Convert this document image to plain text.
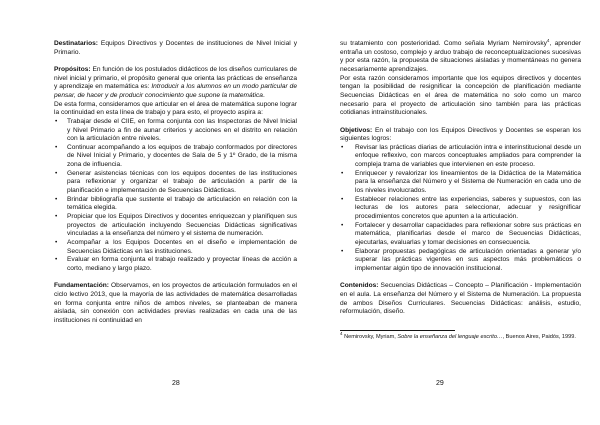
Destinatarios: Equipos Directivos y Docentes de instituciones de Nivel Inicial y Primario.

Propósitos: En función de los postulados didácticos de los diseños curriculares de nivel inicial y primario, el propósito general que orienta las prácticas de enseñanza y aprendizaje en matemática es: Introducir a los alumnos en un modo particular de pensar, de hacer y de producir conocimiento que supone la matemática.

De esta forma, consideramos que articular en el área de matemática supone lograr la continuidad en esta línea de trabajo y para esto, el proyecto aspira a:

• Trabajar desde el CIIE, en forma conjunta con las Inspectoras de Nivel Inicial y Nivel Primario a fin de aunar criterios y acciones en el distrito en relación con la articulación entre niveles.
• Continuar acompañando a los equipos de trabajo conformados por directores de Nivel Inicial y Primario, y docentes de Sala de 5 y 1º Grado, de la misma zona de influencia.
• Generar asistencias técnicas con los equipos docentes de las instituciones para reflexionar y organizar el trabajo de articulación a partir de la planificación e implementación de Secuencias Didácticas.
• Brindar bibliografía que sustente el trabajo de articulación en relación con la temática elegida.
• Propiciar que los Equipos Directivos y docentes enriquezcan y planifiquen sus proyectos de articulación incluyendo Secuencias Didácticas significativas vinculadas a la enseñanza del número y el sistema de numeración.
• Acompañar a los Equipos Docentes en el diseño e implementación de Secuencias Didácticas en las instituciones.
• Evaluar en forma conjunta el trabajo realizado y proyectar líneas de acción a corto, mediano y largo plazo.

Fundamentación: Observamos, en los proyectos de articulación formulados en el ciclo lectivo 2013, que la mayoría de las actividades de matemática desarrolladas en forma conjunta entre niños de ambos niveles, se planteaban de manera aislada, sin conexión con actividades previas realizadas en cada una de las instituciones ni continuidad en

28

su tratamiento con posterioridad. Como señala Myriam Nemirovsky$^4$, aprender entraña un costoso, complejo y arduo trabajo de reconceptualizaciones sucesivas y por esta razón, la propuesta de situaciones aisladas y momentáneas no genera necesariamente aprendizajes.

Por esta razón consideramos importante que los equipos directivos y docentes tengan la posibilidad de resignificar la concepción de planificación mediante Secuencias Didácticas en el área de matemática no solo como un marco necesario para el proyecto de articulación sino también para las prácticas cotidianas intrainstitucionales.

Objetivos: En el trabajo con los Equipos Directivos y Docentes se esperan los siguientes logros:

• Revisar las prácticas diarias de articulación intra e interinstitucional desde un enfoque reflexivo, con marcos conceptuales ampliados para comprender la compleja trama de variables que intervienen en este proceso.
• Enriquecer y revalorizar los lineamientos de la Didáctica de la Matemática para la enseñanza del Número y el Sistema de Numeración en cada uno de los niveles involucrados.
• Establecer relaciones entre las experiencias, saberes y supuestos, con las lecturas de los autores para seleccionar, adecuar y resignificar procedimientos concretos que apunten a la articulación.
• Fortalecer y desarrollar capacidades para reflexionar sobre sus prácticas en matemática, planificarlas desde el marco de Secuencias Didácticas, ejecutarlas, evaluarlas y tomar decisiones en consecuencia.
• Elaborar propuestas pedagógicas de articulación orientadas a generar y/o superar las prácticas vigentes en sus aspectos más problemáticos o implementar algún tipo de innovación institucional.

Contenidos: Secuencias Didácticas – Concepto – Planificación - Implementación en el aula. La enseñanza del Número y el Sistema de Numeración. La propuesta de ambos Diseños Curriculares. Secuencias Didácticas: análisis, estudio, reformulación, diseño.

$^4$ Nemirovsky, Myriam, Sobre la enseñanza del lenguaje escrito…, Buenos Aires, Paidós, 1999.

29
